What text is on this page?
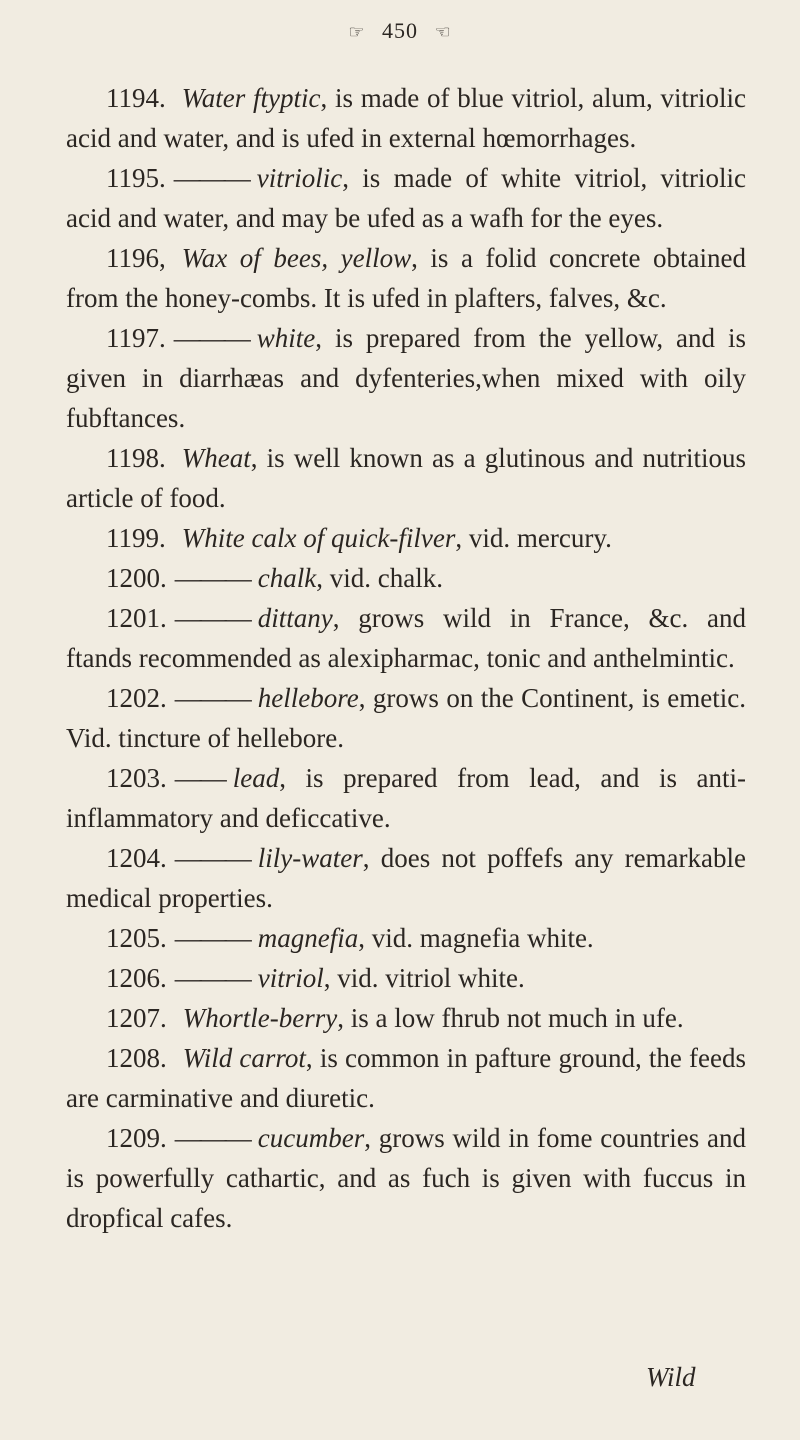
☞ 450 ☜

1194. Water ftyptic, is made of blue vitriol, alum, vitriolic acid and water, and is ufed in external hœmorrhages.

1195. ——— vitriolic, is made of white vitriol, vitriolic acid and water, and may be ufed as a wafh for the eyes.

1196, Wax of bees, yellow, is a folid concrete obtained from the honey-combs. It is ufed in plafters, falves, &c.

1197. ——— white, is prepared from the yellow, and is given in diarrhæas and dyfenteries,when mixed with oily fubftances.

1198. Wheat, is well known as a glutinous and nutritious article of food.

1199. White calx of quick-filver, vid. mercury.

1200. ——— chalk, vid. chalk.

1201. ——— dittany, grows wild in France, &c. and ftands recommended as alexipharmac, tonic and anthelmintic.

1202. ——— hellebore, grows on the Continent, is emetic. Vid. tincture of hellebore.

1203. —— lead, is prepared from lead, and is anti-inflammatory and deficcative.

1204. ——— lily-water, does not poffefs any remarkable medical properties.

1205. ——— magnefia, vid. magnefia white.

1206. ——— vitriol, vid. vitriol white.

1207. Whortle-berry, is a low fhrub not much in ufe.

1208. Wild carrot, is common in pafture ground, the feeds are carminative and diuretic.

1209. ——— cucumber, grows wild in fome countries and is powerfully cathartic, and as fuch is given with fuccus in dropfical cafes.

Wild
